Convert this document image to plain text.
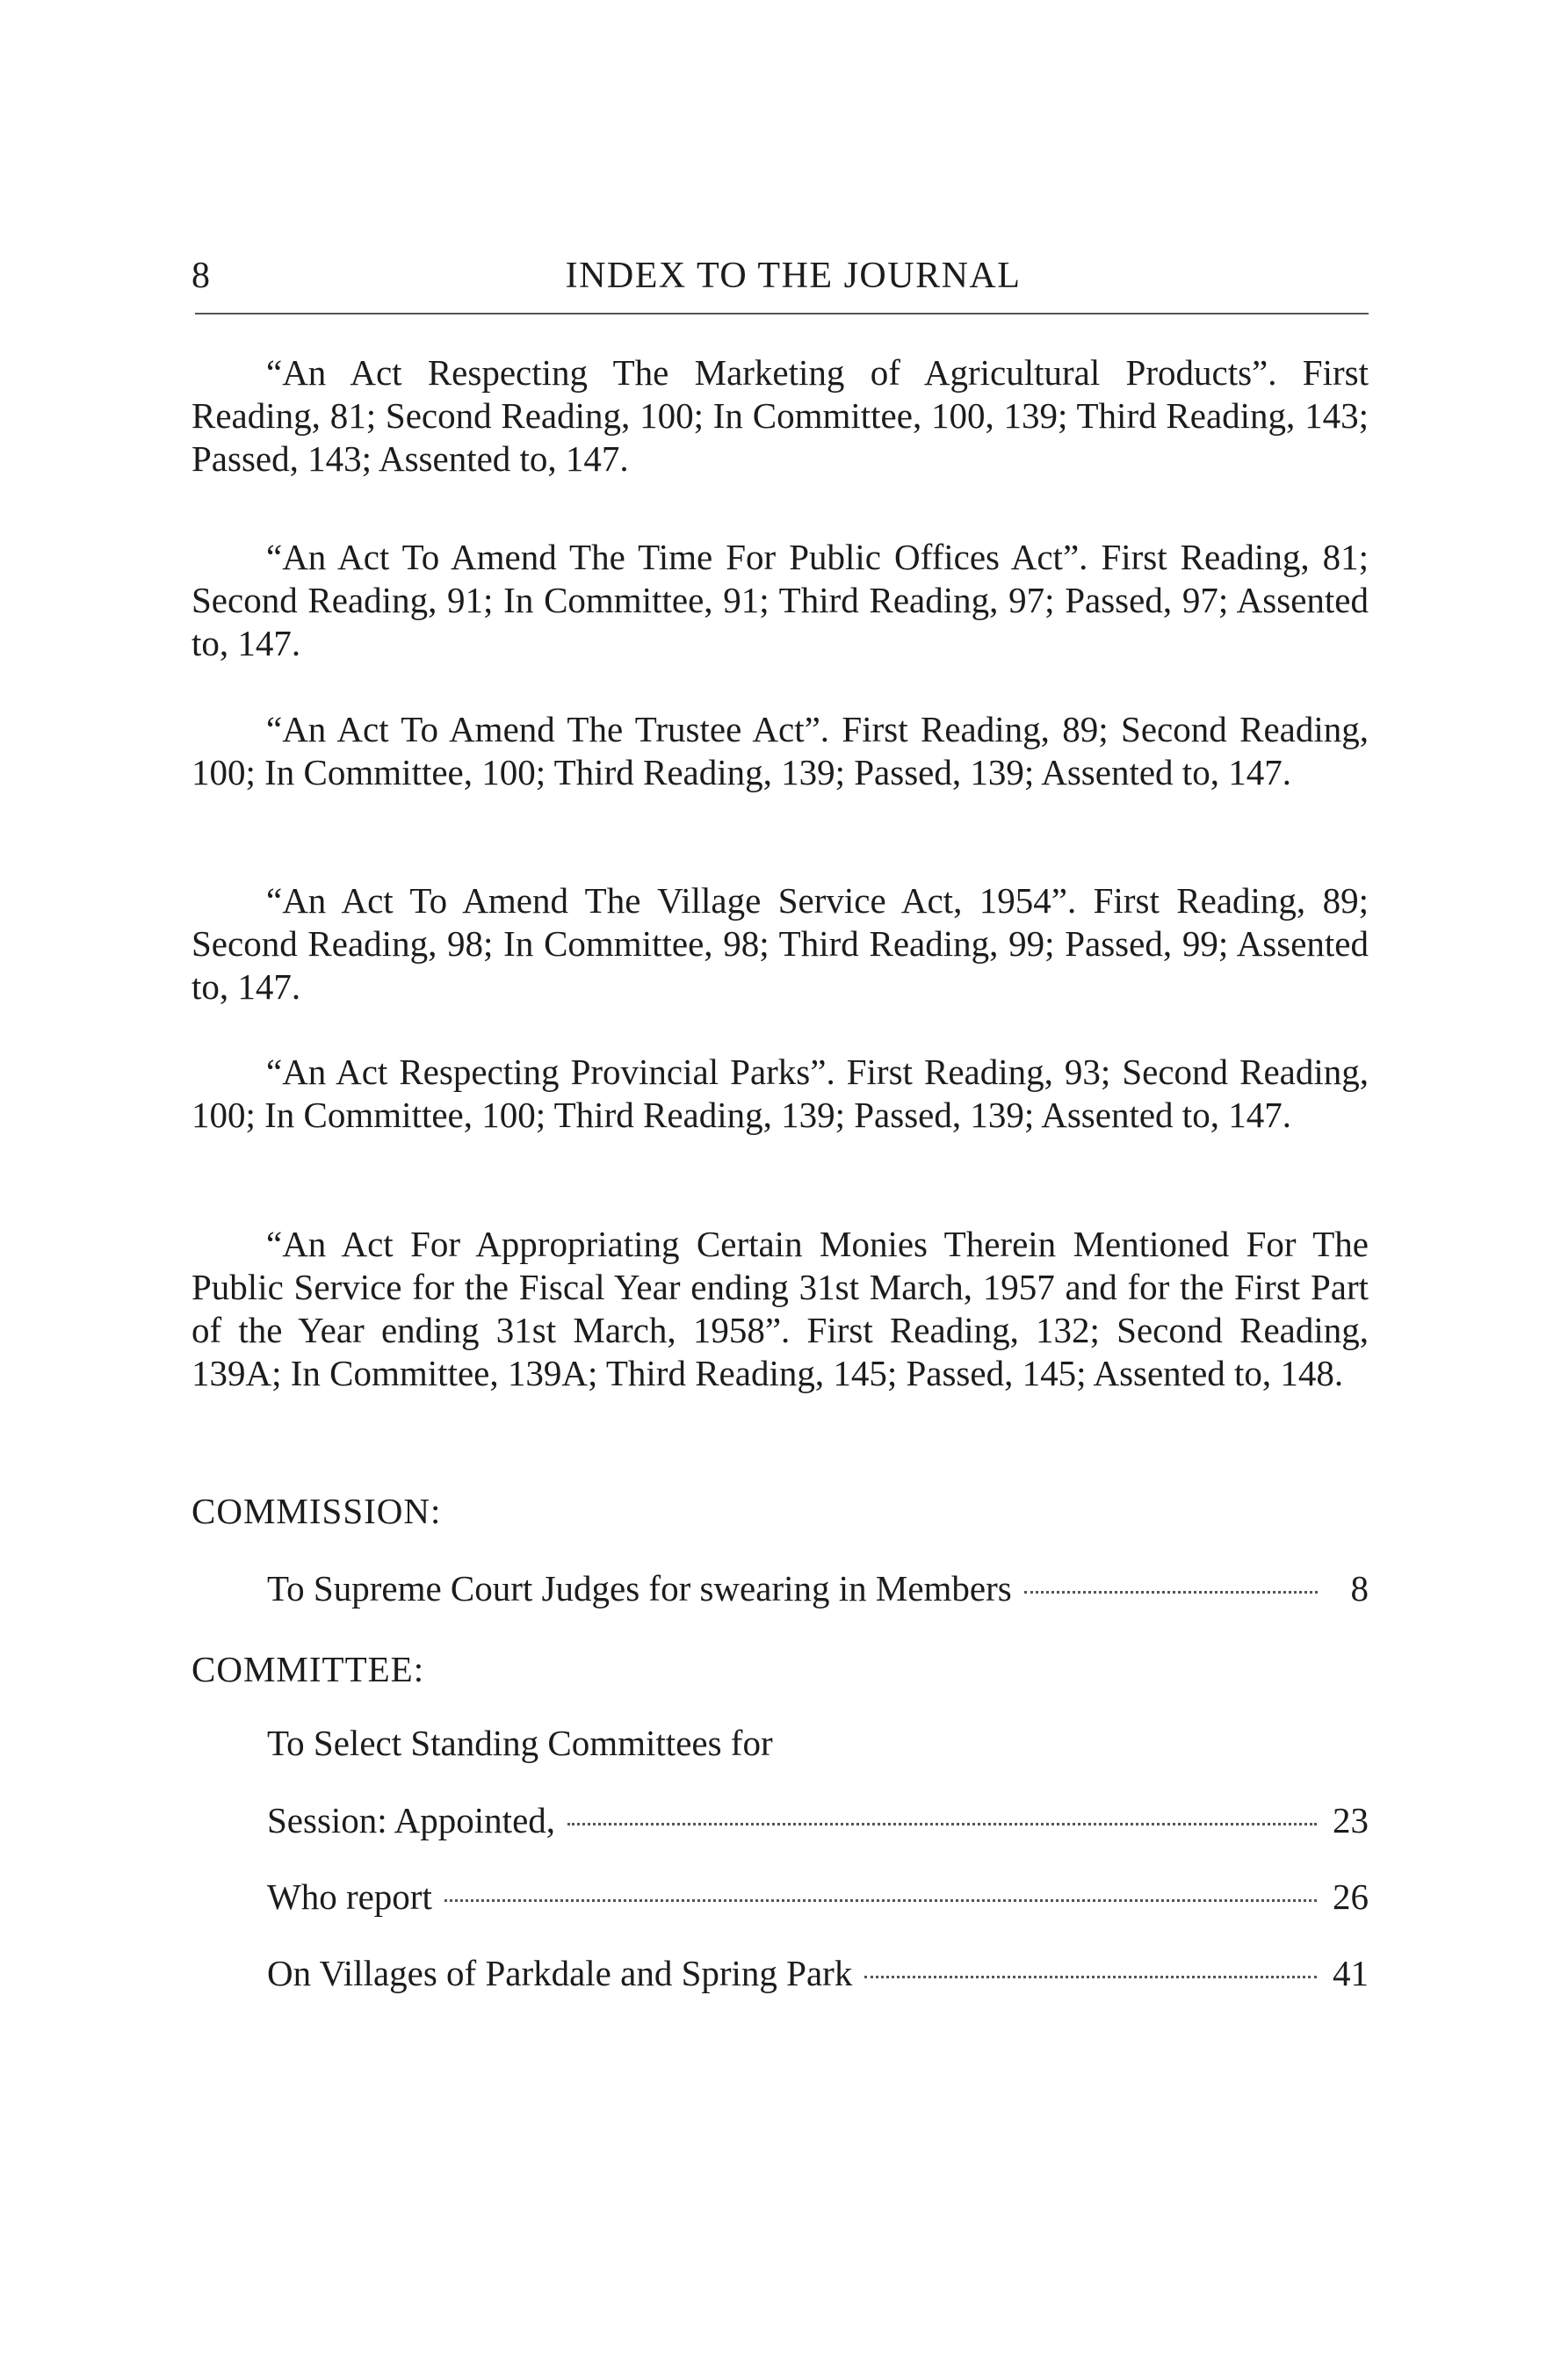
8	INDEX TO THE JOURNAL

“An Act Respecting The Marketing of Agricultural Products”. First Reading, 81; Second Reading, 100; In Committee, 100, 139; Third Reading, 143; Passed, 143; Assented to, 147.

“An Act To Amend The Time For Public Offices Act”. First Reading, 81; Second Reading, 91; In Committee, 91; Third Reading, 97; Passed, 97; Assented to, 147.

“An Act To Amend The Trustee Act”. First Reading, 89; Second Reading, 100; In Committee, 100; Third Reading, 139; Passed, 139; Assented to, 147.

“An Act To Amend The Village Service Act, 1954”. First Reading, 89; Second Reading, 98; In Committee, 98; Third Reading, 99; Passed, 99; Assented to, 147.

“An Act Respecting Provincial Parks”. First Reading, 93; Second Reading, 100; In Committee, 100; Third Reading, 139; Passed, 139; Assented to, 147.

“An Act For Appropriating Certain Monies Therein Mentioned For The Public Service for the Fiscal Year ending 31st March, 1957 and for the First Part of the Year ending 31st March, 1958”. First Reading, 132; Second Reading, 139A; In Committee, 139A; Third Reading, 145; Passed, 145; Assented to, 148.

COMMISSION:

To Supreme Court Judges for swearing in Members	8

COMMITTEE:

To Select Standing Committees for
Session: Appointed,	23
Who report	26
On Villages of Parkdale and Spring Park	41
